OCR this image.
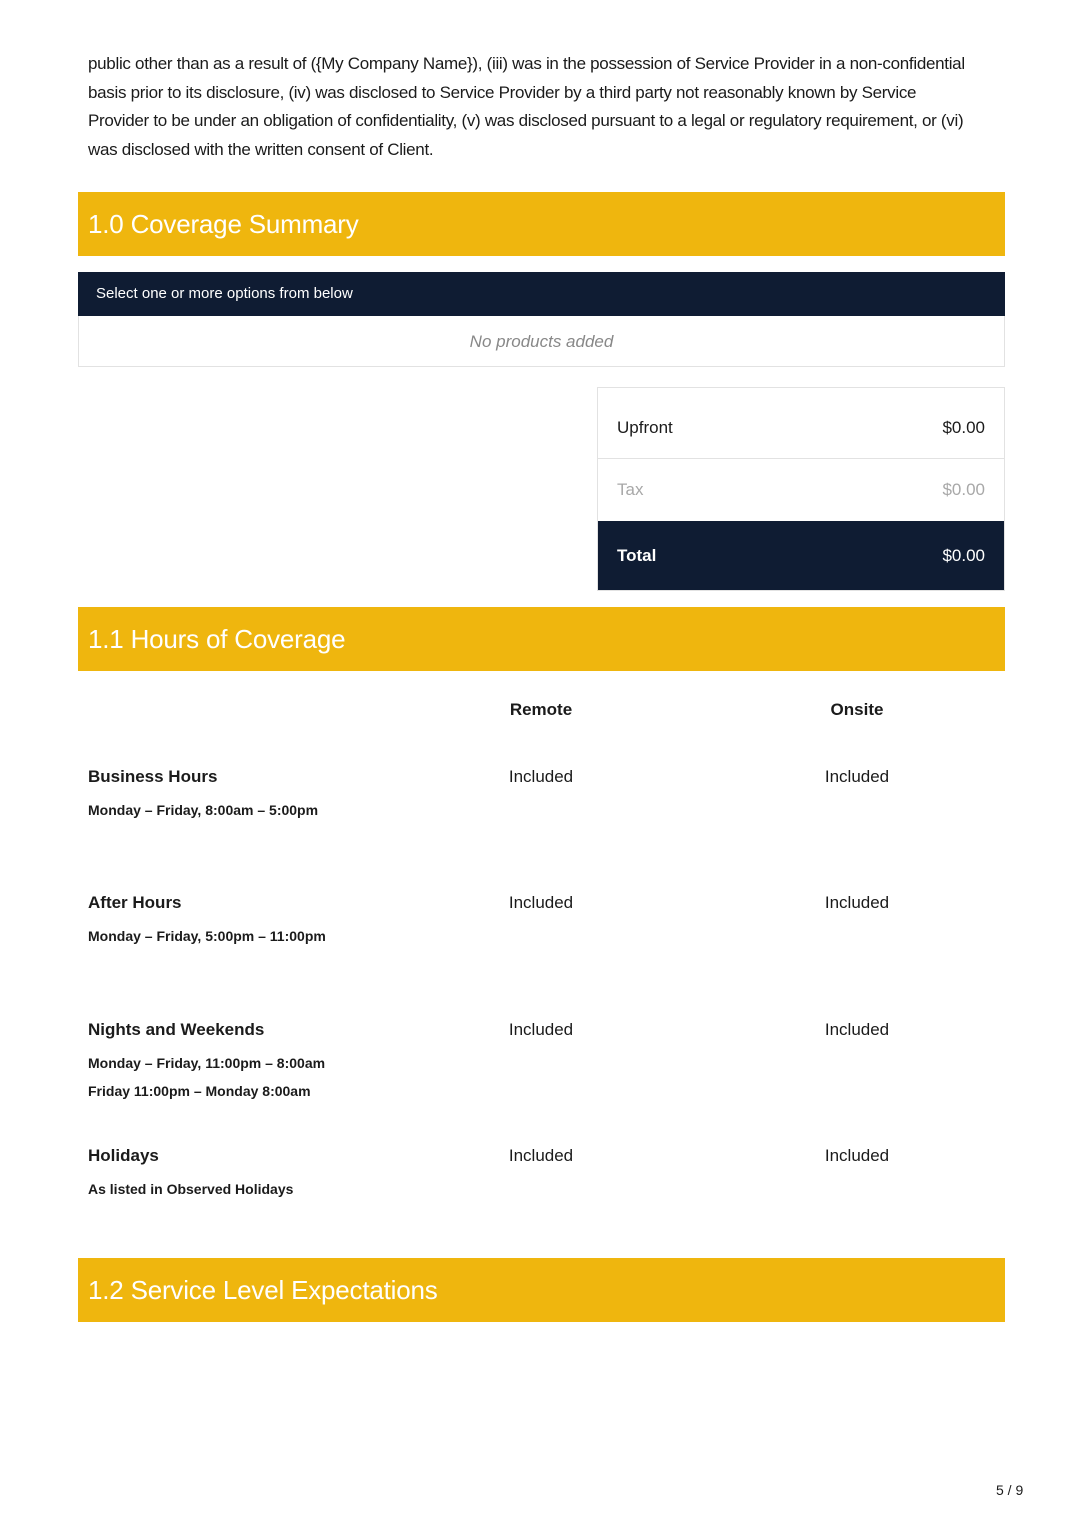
public other than as a result of ({My Company Name}), (iii) was in the possession of Service Provider in a non-confidential basis prior to its disclosure, (iv) was disclosed to Service Provider by a third party not reasonably known by Service Provider to be under an obligation of confidentiality, (v) was disclosed pursuant to a legal or regulatory requirement, or (vi) was disclosed with the written consent of Client.

1.0 Coverage Summary
Select one or more options from below
No products added
Upfront	$0.00
Tax	$0.00
Total	$0.00
1.1 Hours of Coverage
Remote	Onsite
Business Hours
Monday – Friday, 8:00am – 5:00pm
Included	Included
After Hours
Monday – Friday, 5:00pm – 11:00pm
Included	Included
Nights and Weekends
Monday – Friday, 11:00pm – 8:00am
Friday 11:00pm – Monday 8:00am
Included	Included
Holidays
As listed in Observed Holidays
Included	Included
1.2 Service Level Expectations
5 / 9
